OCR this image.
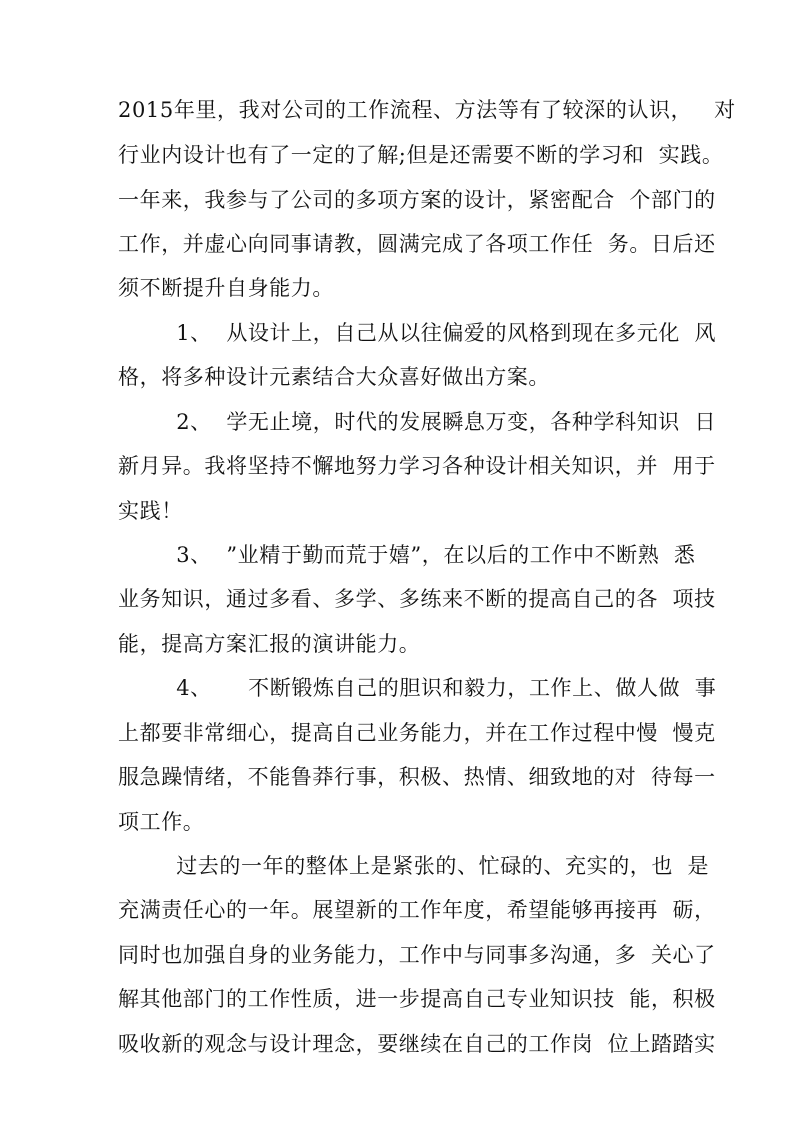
2015年里，我对公司的工作流程、方法等有了较深的认识，   对
行业内设计也有了一定的了解;但是还需要不断的学习和  实践。
一年来，我参与了公司的多项方案的设计，紧密配合  个部门的
工作，并虚心向同事请教，圆满完成了各项工作任  务。日后还
须不断提升自身能力。
1、  从设计上，自己从以往偏爱的风格到现在多元化  风
格，将多种设计元素结合大众喜好做出方案。
2、  学无止境，时代的发展瞬息万变，各种学科知识  日
新月异。我将坚持不懈地努力学习各种设计相关知识，并  用于
实践！
3、  ”业精于勤而荒于嬉”，在以后的工作中不断熟  悉
业务知识，通过多看、多学、多练来不断的提高自己的各  项技
能，提高方案汇报的演讲能力。
4、     不断锻炼自己的胆识和毅力，工作上、做人做  事
上都要非常细心，提高自己业务能力，并在工作过程中慢  慢克
服急躁情绪，不能鲁莽行事，积极、热情、细致地的对  待每一
项工作。
过去的一年的整体上是紧张的、忙碌的、充实的，也  是
充满责任心的一年。展望新的工作年度，希望能够再接再  砺，
同时也加强自身的业务能力，工作中与同事多沟通，多  关心了
解其他部门的工作性质，进一步提高自己专业知识技  能，积极
吸收新的观念与设计理念，要继续在自己的工作岗  位上踏踏实
